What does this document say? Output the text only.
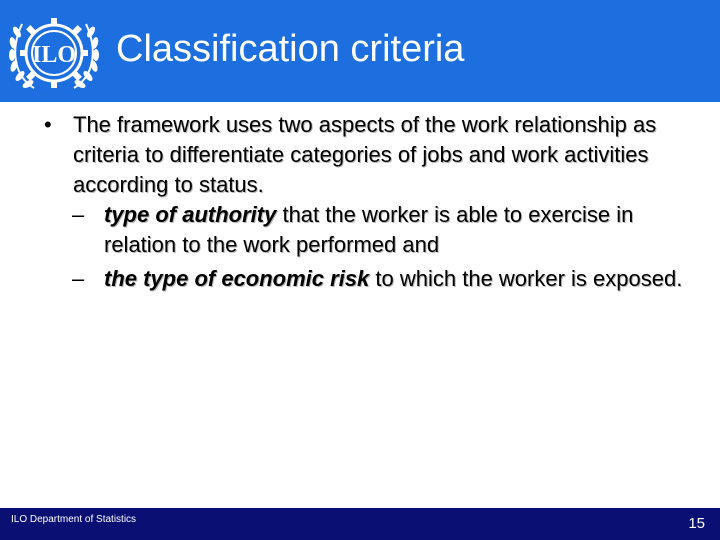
ILO Classification criteria
• The framework uses two aspects of the work relationship as criteria to differentiate categories of jobs and work activities according to status.
– type of authority that the worker is able to exercise in relation to the work performed and
– the type of economic risk to which the worker is exposed.
ILO Department of Statistics	15
